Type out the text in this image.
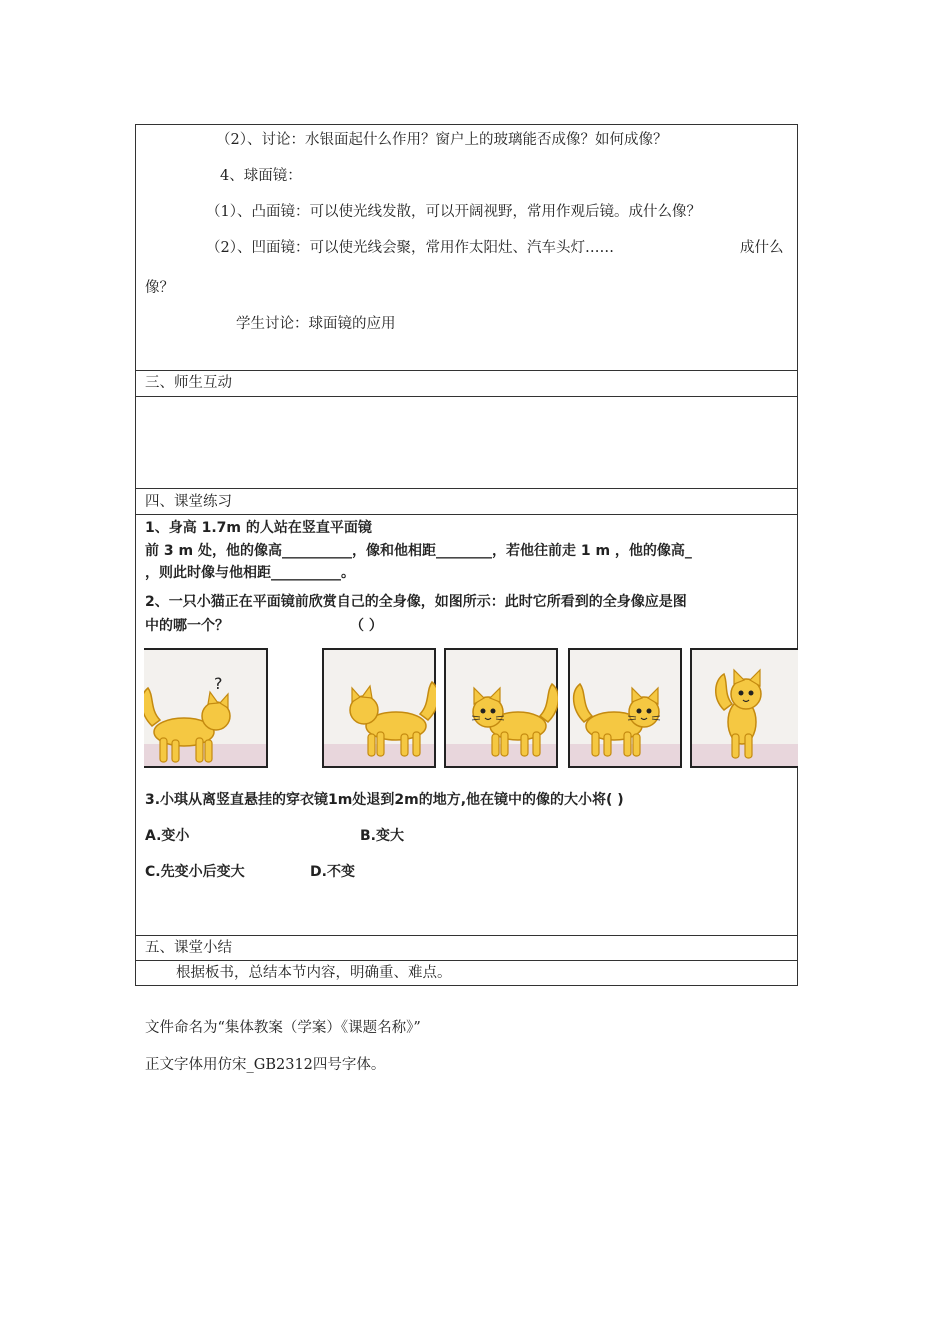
（2）、讨论：水银面起什么作用？窗户上的玻璃能否成像？如何成像？
4、球面镜：
（1）、凸面镜：可以使光线发散，可以开阔视野，常用作观后镜。成什么像？
（2）、凹面镜：可以使光线会聚，常用作太阳灶、汽车头灯……	成什么
像？
学生讨论：球面镜的应用
三、师生互动
四、课堂练习
1、身高 1.7m 的人站在竖直平面镜
前 3 m 处，他的像高__________，像和他相距________，若他往前走 1 m ，他的像高_
，则此时像与他相距__________。
2、一只小猫正在平面镜前欣赏自己的全身像，如图所示：此时它所看到的全身像应是图
中的哪一个？	（ ）
3.小琪从离竖直悬挂的穿衣镜1m处退到2m的地方,他在镜中的像的大小将( )
A.变小	B.变大
C.先变小后变大	D.不变
五、课堂小结
根据板书，总结本节内容，明确重、难点。
?
文件命名为“集体教案（学案）《课题名称》”
正文字体用仿宋_GB2312四号字体。
